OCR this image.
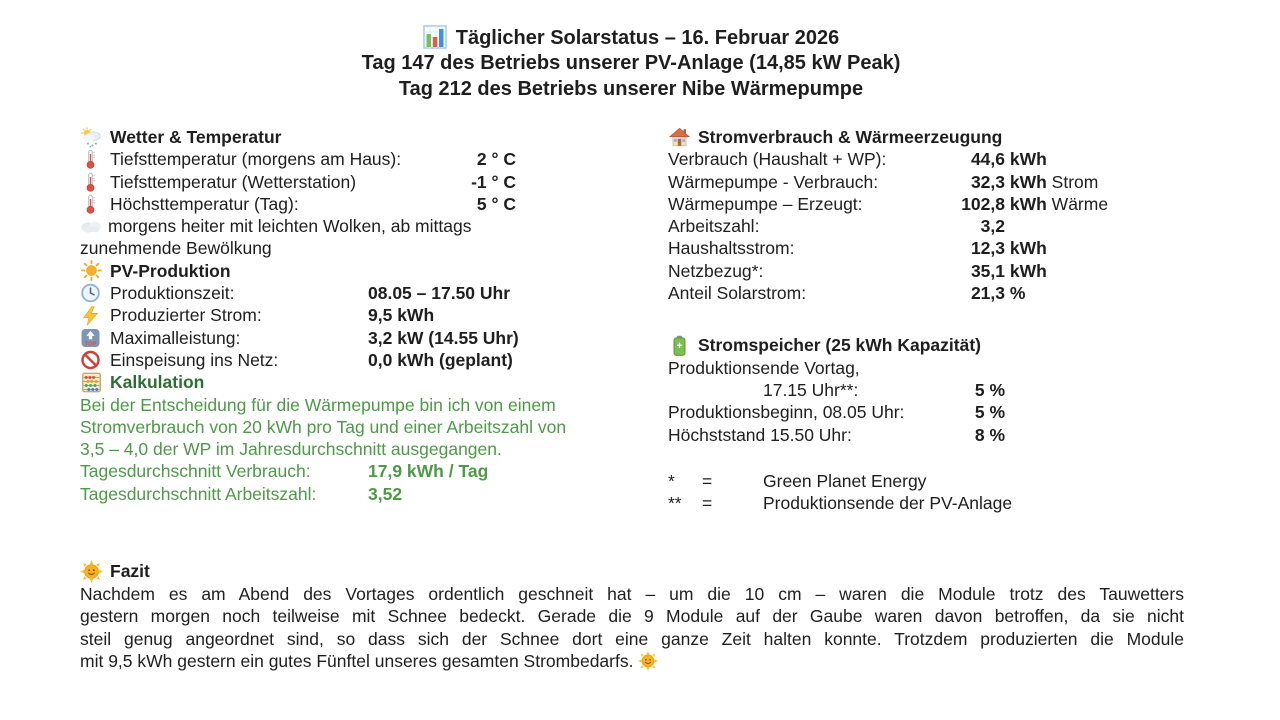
Täglicher Solarstatus – 16. Februar 2026
Tag 147 des Betriebs unserer PV-Anlage (14,85 kW Peak)
Tag 212 des Betriebs unserer Nibe Wärmepumpe
Wetter & Temperatur
Tiefsttemperatur (morgens am Haus):	2 ° C
Tiefsttemperatur (Wetterstation)	-1 ° C
Höchsttemperatur (Tag):	5 ° C
morgens heiter mit leichten Wolken, ab mittags zunehmende Bewölkung
PV-Produktion
Produktionszeit:	08.05 – 17.50 Uhr
Produzierter Strom:	9,5 kWh
Maximalleistung:	3,2 kW (14.55 Uhr)
Einspeisung ins Netz:	0,0 kWh (geplant)
Kalkulation
Bei der Entscheidung für die Wärmepumpe bin ich von einem Stromverbrauch von 20 kWh pro Tag und einer Arbeitszahl von 3,5 – 4,0 der WP im Jahresdurchschnitt ausgegangen.
Tagesdurchschnitt Verbrauch:	17,9 kWh / Tag
Tagesdurchschnitt Arbeitszahl:	3,52
Stromverbrauch & Wärmeerzeugung
Verbrauch (Haushalt + WP):	44,6 kWh
Wärmepumpe - Verbrauch:	32,3 kWh Strom
Wärmepumpe – Erzeugt:	102,8 kWh Wärme
Arbeitszahl:	3,2
Haushaltsstrom:	12,3 kWh
Netzbezug*:	35,1 kWh
Anteil Solarstrom:	21,3 %
Stromspeicher (25 kWh Kapazität)
Produktionsende Vortag,
17.15 Uhr**:	5 %
Produktionsbeginn, 08.05 Uhr:	5 %
Höchststand 15.50 Uhr:	8 %
*	=	Green Planet Energy
**	=	Produktionsende der PV-Anlage
Fazit
Nachdem es am Abend des Vortages ordentlich geschneit hat – um die 10 cm – waren die Module trotz des Tauwetters
gestern morgen noch teilweise mit Schnee bedeckt. Gerade die 9 Module auf der Gaube waren davon betroffen, da sie nicht
steil genug angeordnet sind, so dass sich der Schnee dort eine ganze Zeit halten konnte. Trotzdem produzierten die Module
mit 9,5 kWh gestern ein gutes Fünftel unseres gesamten Strombedarfs.
